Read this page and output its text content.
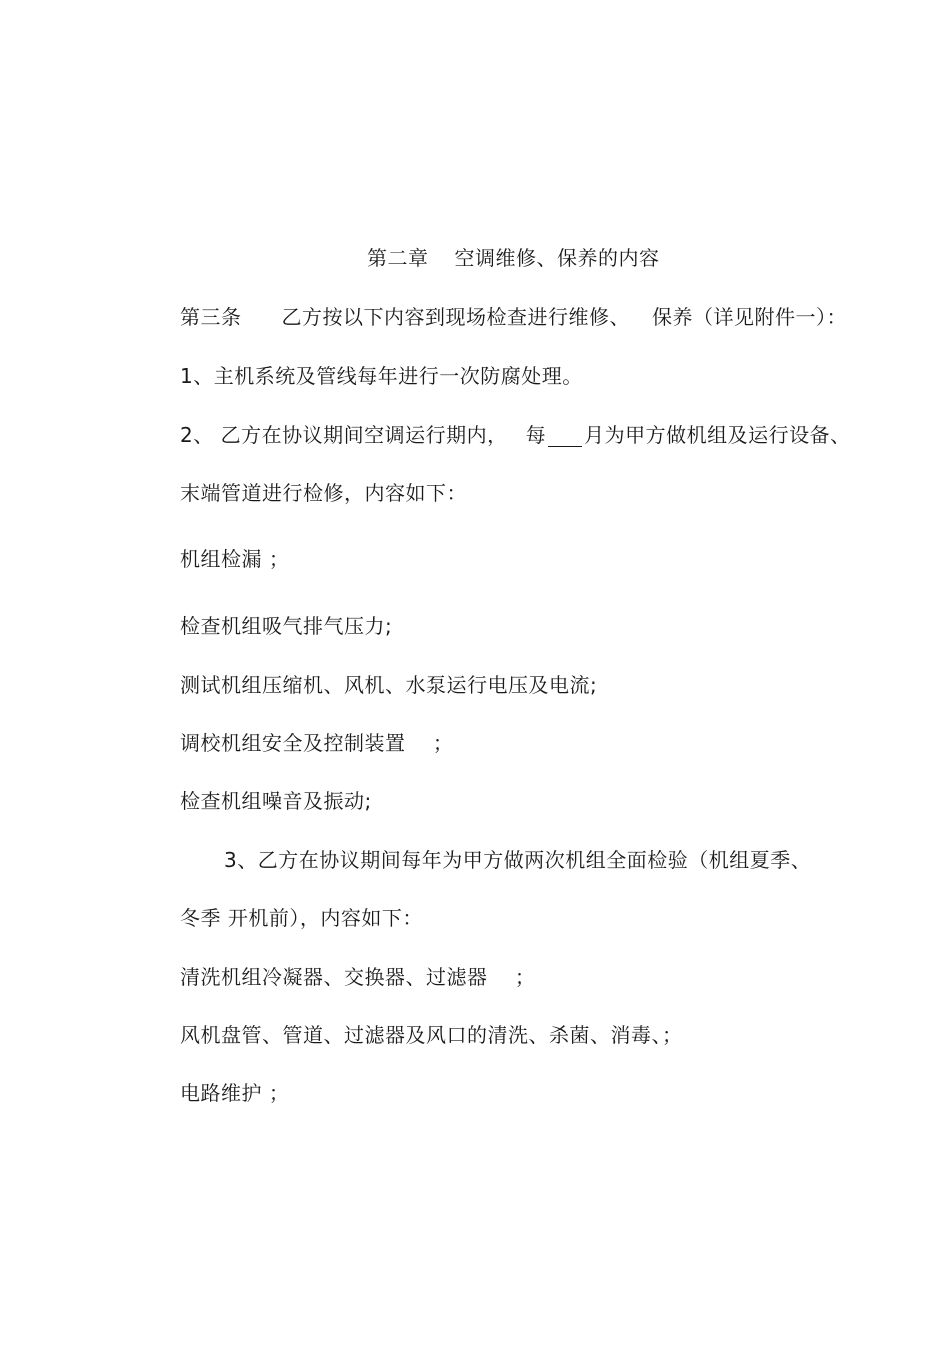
第二章 空调维修、保养的内容
第三条 乙方按以下内容到现场检查进行维修、 保养（详见附件一）：
1、主机系统及管线每年进行一次防腐处理。
2、 乙方在协议期间空调运行期内， 每 月为甲方做机组及运行设备、
末端管道进行检修，内容如下：
机组检漏 ；
检查机组吸气排气压力;
测试机组压缩机、风机、水泵运行电压及电流;
调校机组安全及控制装置　 ；
检查机组噪音及振动;
3、乙方在协议期间每年为甲方做两次机组全面检验（机组夏季、
冬季 开机前），内容如下：
清洗机组冷凝器、交换器、过滤器　 ；
风机盘管、管道、过滤器及风口的清洗、杀菌、消毒、；
电路维护 ；
